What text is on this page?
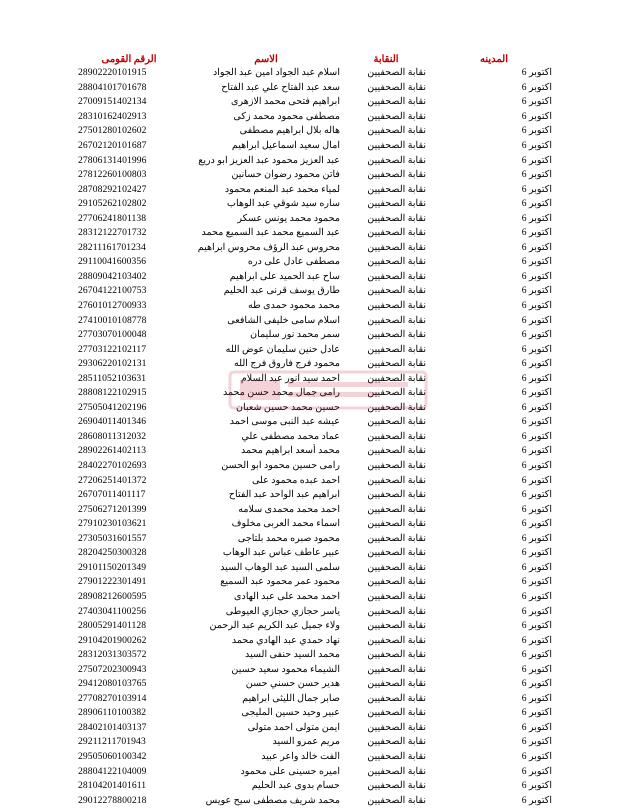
الرقم القومى	الاسم	النقابة	المدينه
28902220101915	اسلام عبد الجواد امين عبد الجواد	نقابة الصحفيين	اكتوبر 6
28804101701678	سعد عبد الفتاح علي عبد الفتاح	نقابة الصحفيين	اكتوبر 6
27009151402134	ابراهيم فتحى محمد الازهرى	نقابة الصحفيين	اكتوبر 6
28310162402913	مصطفى محمود محمد زكى	نقابة الصحفيين	اكتوبر 6
27501280102602	هاله بلال ابراهيم مصطفى	نقابة الصحفيين	اكتوبر 6
26702120101687	امال سعيد اسماعيل ابراهيم	نقابة الصحفيين	اكتوبر 6
27806131401996	عبد العزيز محمود عبد العزيز ابو دريع	نقابة الصحفيين	اكتوبر 6
27812260100803	فاتن محمود رضوان حسانين	نقابة الصحفيين	اكتوبر 6
28708292102427	لمياء محمد عبد المنعم محمود	نقابة الصحفيين	اكتوبر 6
29105262102802	ساره سيد شوقي عبد الوهاب	نقابة الصحفيين	اكتوبر 6
27706241801138	محمود محمد يونس عسكر	نقابة الصحفيين	اكتوبر 6
28312122701732	عبد السميع محمد عبد السميع محمد	نقابة الصحفيين	اكتوبر 6
28211161701234	محروس عبد الرؤف محروس ابراهيم	نقابة الصحفيين	اكتوبر 6
29110041600356	مصطفى عادل على دره	نقابة الصحفيين	اكتوبر 6
28809042103402	ساح عبد الحميد على ابراهيم	نقابة الصحفيين	اكتوبر 6
26704122100753	طارق يوسف قرنى عبد الحليم	نقابة الصحفيين	اكتوبر 6
27601012700933	محمد محمود حمدى طه	نقابة الصحفيين	اكتوبر 6
27410010108778	اسلام سامى خليفى الشافعى	نقابة الصحفيين	اكتوبر 6
27703070100048	سمر محمد نور سليمان	نقابة الصحفيين	اكتوبر 6
27703122102117	عادل حنين سليمان عوض الله	نقابة الصحفيين	اكتوبر 6
29306220102131	محمود فرج فاروق فرج الله	نقابة الصحفيين	اكتوبر 6
28511052103631	احمد سيد انور عبد السلام	نقابة الصحفيين	اكتوبر 6
28808122102915	رامى جمال محمد حسن محمد	نقابة الصحفيين	اكتوبر 6
27505041202196	حسين محمد حسين شعبان	نقابة الصحفيين	اكتوبر 6
26904011401346	عيشه عبد النبى موسى احمد	نقابة الصحفيين	اكتوبر 6
28608011312032	عماد محمد مصطفى علي	نقابة الصحفيين	اكتوبر 6
28902261402113	محمد أسعد ابراهيم محمد	نقابة الصحفيين	اكتوبر 6
28402270102693	رامى حسين محمود ابو الحسن	نقابة الصحفيين	اكتوبر 6
27206251401372	احمد عبده محمود على	نقابة الصحفيين	اكتوبر 6
26707011401117	ابراهيم عبد الواحد عبد الفتاح	نقابة الصحفيين	اكتوبر 6
27506271201399	احمد محمد محمدى سلامه	نقابة الصحفيين	اكتوبر 6
27910230103621	اسماء محمد العربى مخلوف	نقابة الصحفيين	اكتوبر 6
27305031601557	محمود صبره محمد بلتاجى	نقابة الصحفيين	اكتوبر 6
28204250300328	عبير عاطف عباس عبد الوهاب	نقابة الصحفيين	اكتوبر 6
29101150201349	سلمى السيد عبد الوهاب السيد	نقابة الصحفيين	اكتوبر 6
27901222301491	محمود عمر محمود عبد السميع	نقابة الصحفيين	اكتوبر 6
28908212600595	احمد محمد على عبد الهادى	نقابة الصحفيين	اكتوبر 6
27403041100256	ياسر حجازي حجازي العيوطى	نقابة الصحفيين	اكتوبر 6
28005291401128	ولاء جميل عبد الكريم عبد الرحمن	نقابة الصحفيين	اكتوبر 6
29104201900262	نهاد حمدي عبد الهادي محمد	نقابة الصحفيين	اكتوبر 6
28312031303572	محمد السيد حنفى السيد	نقابة الصحفيين	اكتوبر 6
27507202300943	الشيماء محمود سعيد حسين	نقابة الصحفيين	اكتوبر 6
29412080103765	هدير حسن حسني حسن	نقابة الصحفيين	اكتوبر 6
27708270103914	صابر جمال الليثى ابراهيم	نقابة الصحفيين	اكتوبر 6
28906110100382	عبير وحيد حسين المليجى	نقابة الصحفيين	اكتوبر 6
28402101403137	ايمن متولى احمد متولى	نقابة الصحفيين	اكتوبر 6
29211211701943	مريم عمرو السيد	نقابة الصحفيين	اكتوبر 6
29505060100342	الفت خالد واعر عبيد	نقابة الصحفيين	اكتوبر 6
28804122104009	اميره حسينى على محمود	نقابة الصحفيين	اكتوبر 6
28104201401611	حسام بدوى عبد الحليم	نقابة الصحفيين	اكتوبر 6
29012278800218	محمد شريف مصطفى سيح عويس	نقابة الصحفيين	اكتوبر 6
